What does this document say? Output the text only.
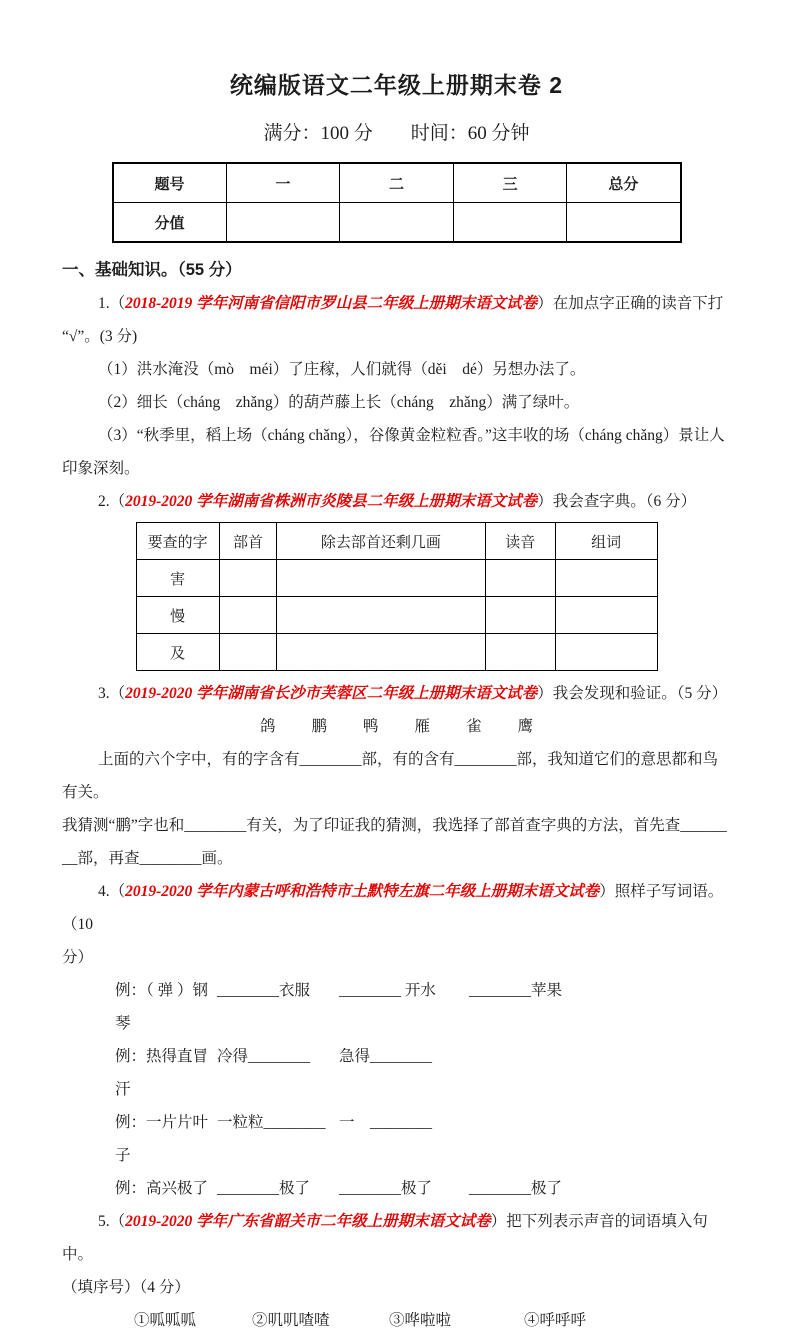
统编版语文二年级上册期末卷 2
满分：100 分　　时间：60 分钟
题号	一	二	三	总分
分值				

一、基础知识。（55 分）

1.（2018-2019 学年河南省信阳市罗山县二年级上册期末语文试卷）在加点字正确的读音下打

“√”。(3 分)

（1）洪水淹没（mò　méi）了庄稼，人们就得（děi　dé）另想办法了。

（2）细长（cháng　zhǎng）的葫芦藤上长（cháng　zhǎng）满了绿叶。

（3）“秋季里，稻上场（cháng chǎng），谷像黄金粒粒香。”这丰收的场（cháng chǎng）景让人

印象深刻。

2.（2019-2020 学年湖南省株洲市炎陵县二年级上册期末语文试卷）我会查字典。（6 分）

要查的字	部首	除去部首还剩几画	读音	组词
害				
慢				
及				

3.（2019-2020 学年湖南省长沙市芙蓉区二年级上册期末语文试卷）我会发现和验证。（5 分）

鸽 鹏 鸭 雁 雀 鹰

上面的六个字中，有的字含有________部，有的含有________部，我知道它们的意思都和鸟有关。

我猜测“鹏”字也和________有关，为了印证我的猜测，我选择了部首查字典的方法，首先查______

__部，再查________画。

4.（2019-2020 学年内蒙古呼和浩特市土默特左旗二年级上册期末语文试卷）照样子写词语。（10

分）

例：（ 弹 ）钢琴
________衣服	________ 开水	________苹果
例：热得直冒汗
冷得________	急得________
例：一片片叶子
一粒粒________ 一　________
例：高兴极了 ________极了	________极了	________极了

5.（2019-2020 学年广东省韶关市二年级上册期末语文试卷）把下列表示声音的词语填入句中。

（填序号）（4 分）

①呱呱呱	②叽叽喳喳	③哗啦啦	④呼呼呼
